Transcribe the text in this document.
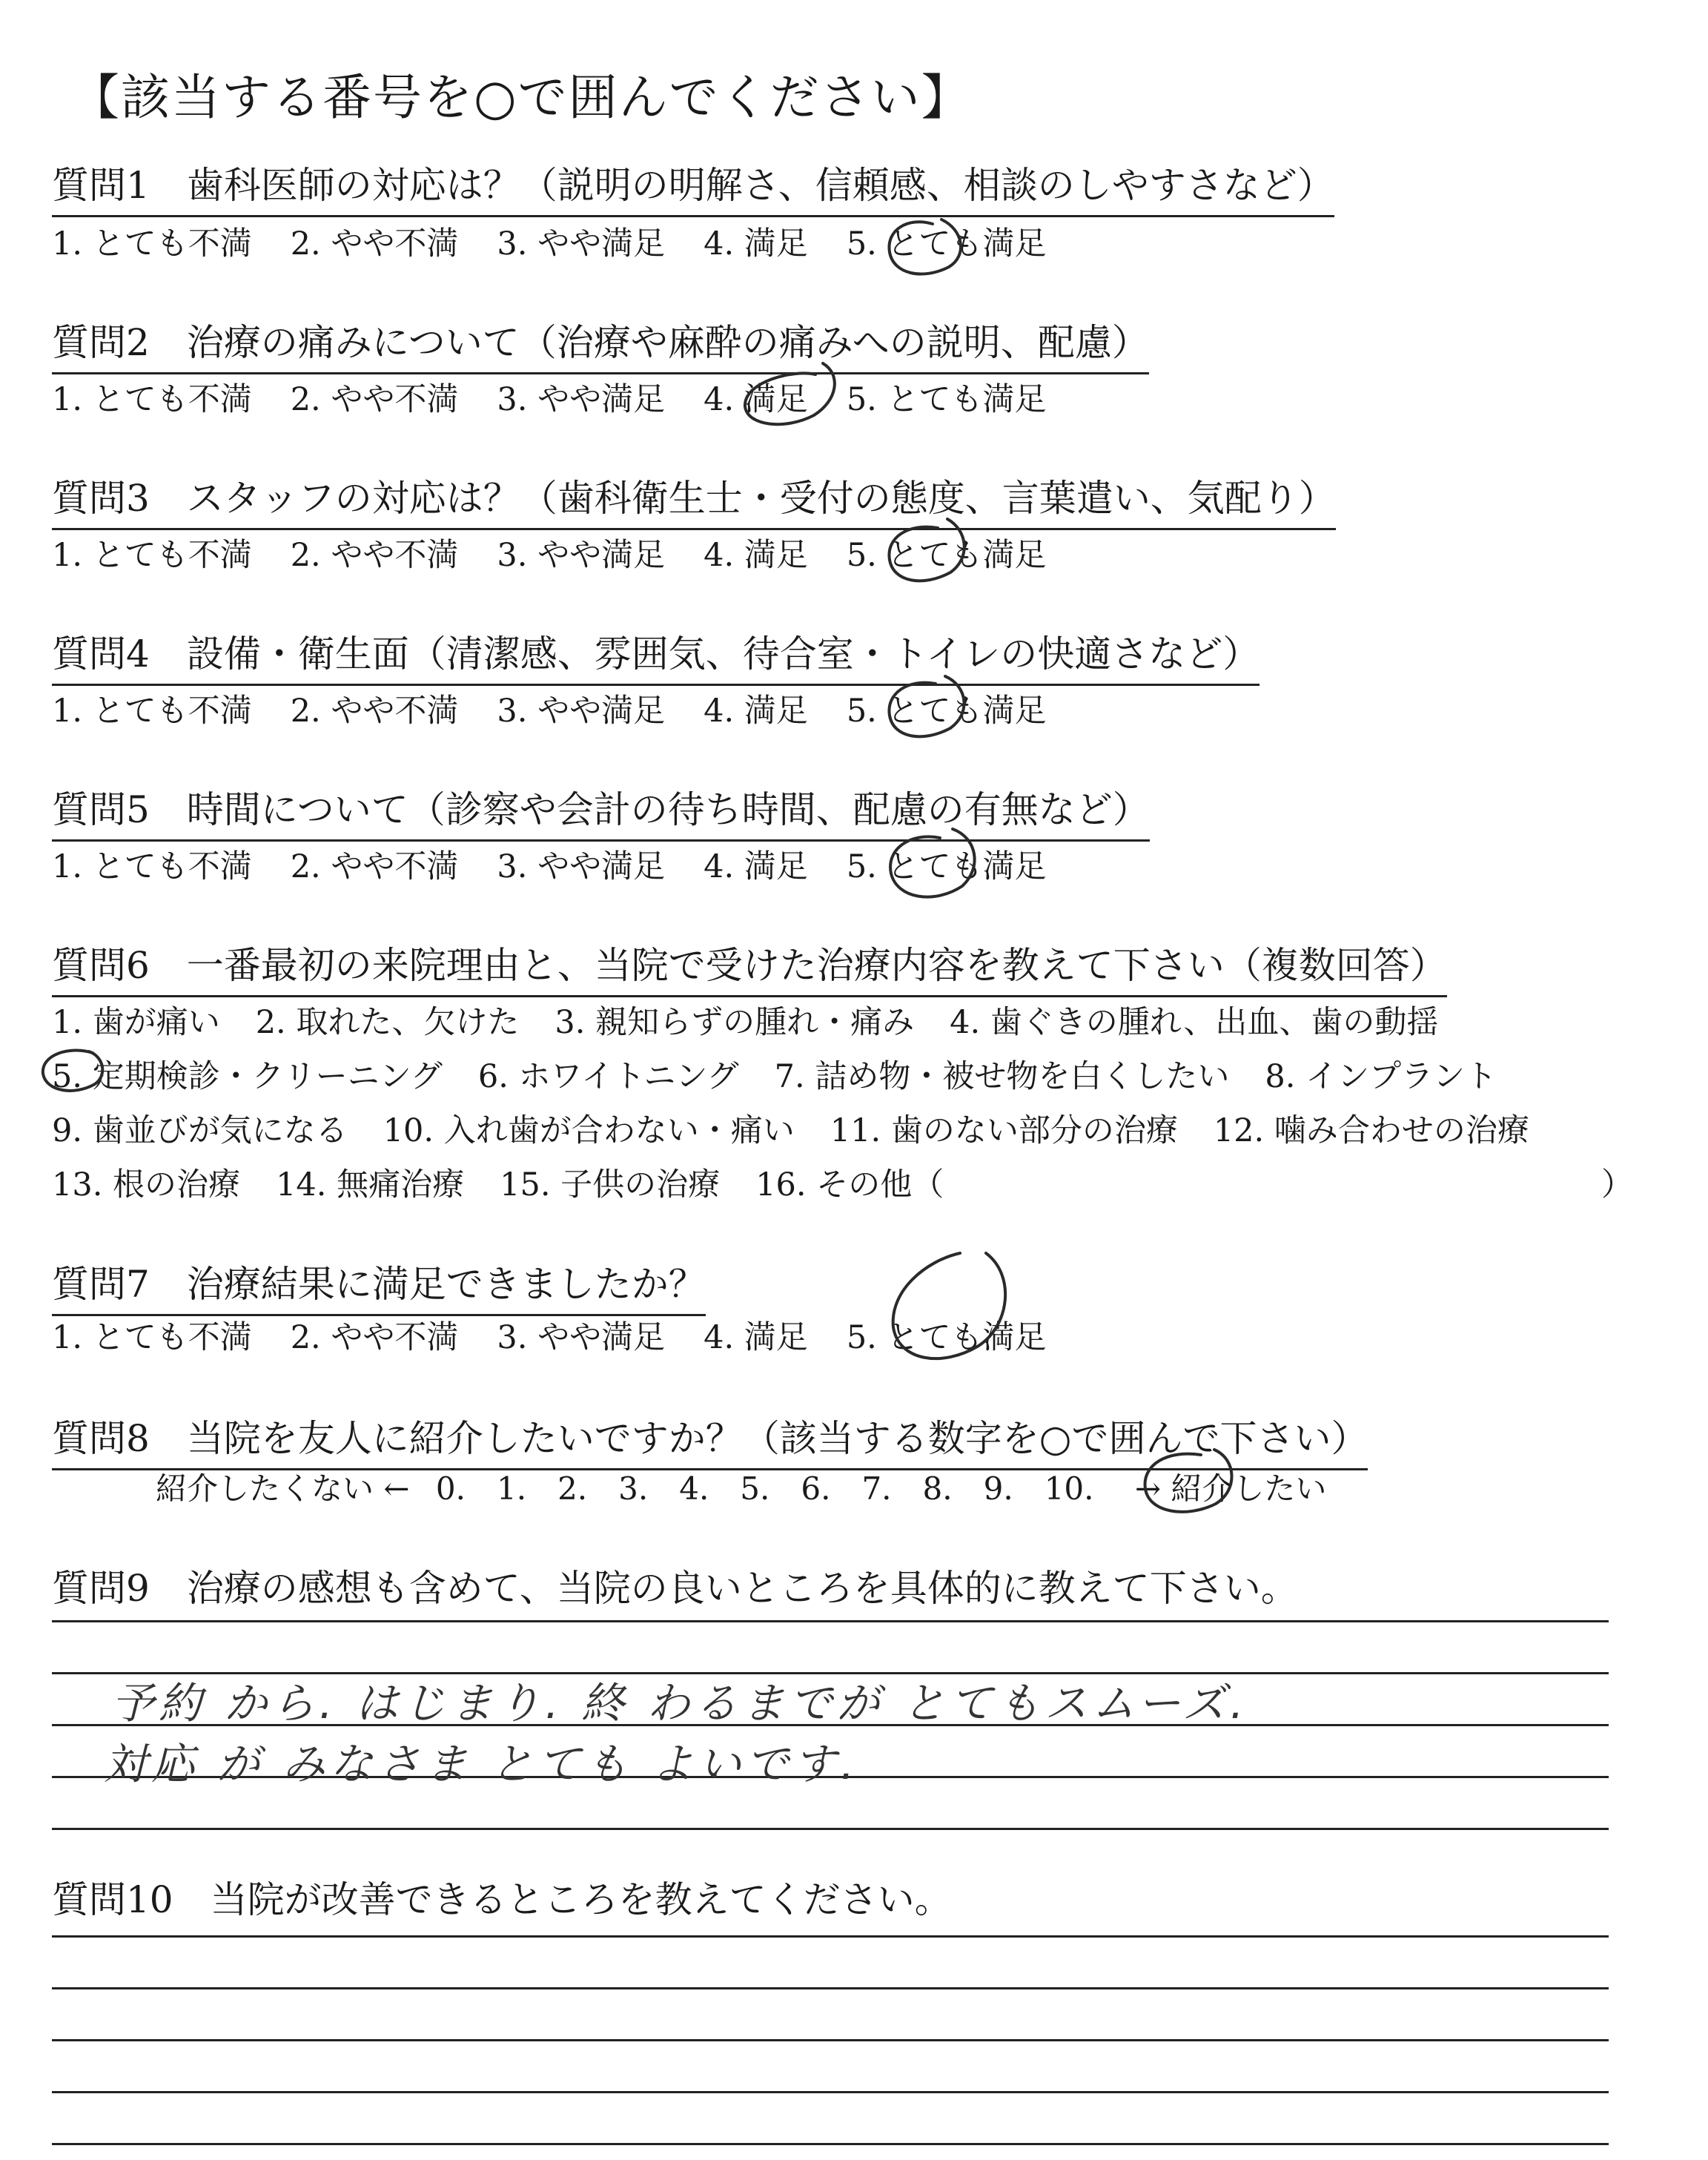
【該当する番号を○で囲んでください】
質問1　歯科医師の対応は？（説明の明解さ、信頼感、相談のしやすさなど）
1. とても不満 2. やや不満 3. やや満足 4. 満足 5. とても満足
質問2　治療の痛みについて（治療や麻酔の痛みへの説明、配慮）
1. とても不満 2. やや不満 3. やや満足 4. 満足 5. とても満足
質問3　スタッフの対応は？（歯科衛生士・受付の態度、言葉遣い、気配り）
1. とても不満 2. やや不満 3. やや満足 4. 満足 5. とても満足
質問4　設備・衛生面（清潔感、雰囲気、待合室・トイレの快適さなど）
1. とても不満 2. やや不満 3. やや満足 4. 満足 5. とても満足
質問5　時間について（診察や会計の待ち時間、配慮の有無など）
1. とても不満 2. やや不満 3. やや満足 4. 満足 5. とても満足
質問6　一番最初の来院理由と、当院で受けた治療内容を教えて下さい（複数回答）
1. 歯が痛い 2. 取れた、欠けた 3. 親知らずの腫れ・痛み 4. 歯ぐきの腫れ、出血、歯の動揺
5. 定期検診・クリーニング 6. ホワイトニング 7. 詰め物・被せ物を白くしたい 8. インプラント
9. 歯並びが気になる 10. 入れ歯が合わない・痛い 11. 歯のない部分の治療 12. 噛み合わせの治療
13. 根の治療 14. 無痛治療 15. 子供の治療 16. その他（	）
質問7　治療結果に満足できましたか？
1. とても不満 2. やや不満 3. やや満足 4. 満足 5. とても満足
質問8　当院を友人に紹介したいですか？（該当する数字を○で囲んで下さい）
紹介したくない ← 0. 1. 2. 3. 4. 5. 6. 7. 8. 9. 10. → 紹介したい
質問9　治療の感想も含めて、当院の良いところを具体的に教えて下さい。
予約 から. はじまり. 終 わるまでが とてもスムーズ.
対応 が みなさま とても よいです.
質問10　当院が改善できるところを教えてください。
